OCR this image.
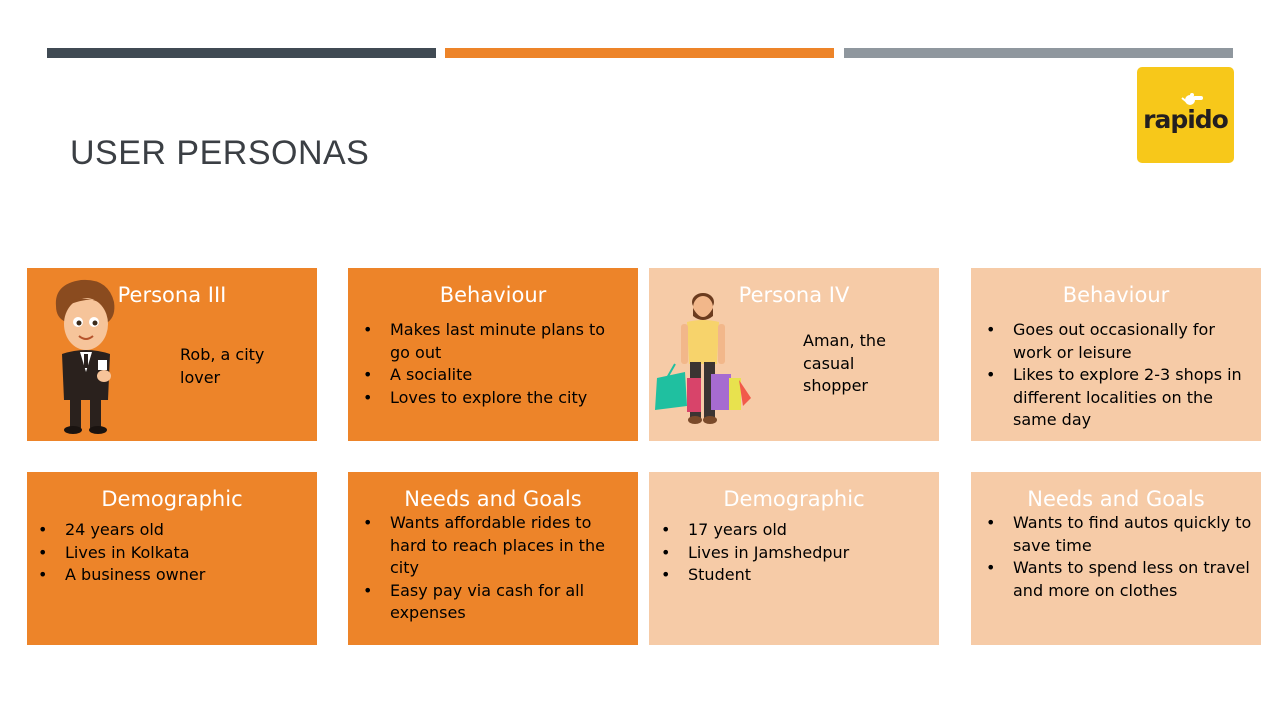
USER PERSONAS
rapido
Persona III
Rob, a city
lover
Behaviour
• Makes last minute plans to go out
• A socialite
• Loves to explore the city
Persona IV
Aman, the
casual
shopper
Behaviour
• Goes out occasionally for work or leisure
• Likes to explore 2-3 shops in different localities on the same day
Demographic
• 24 years old
• Lives in Kolkata
• A business owner
Needs and Goals
• Wants affordable rides to hard to reach places in the city
• Easy pay via cash for all expenses
Demographic
• 17 years old
• Lives in Jamshedpur
• Student
Needs and Goals
• Wants to find autos quickly to save time
• Wants to spend less on travel and more on clothes
